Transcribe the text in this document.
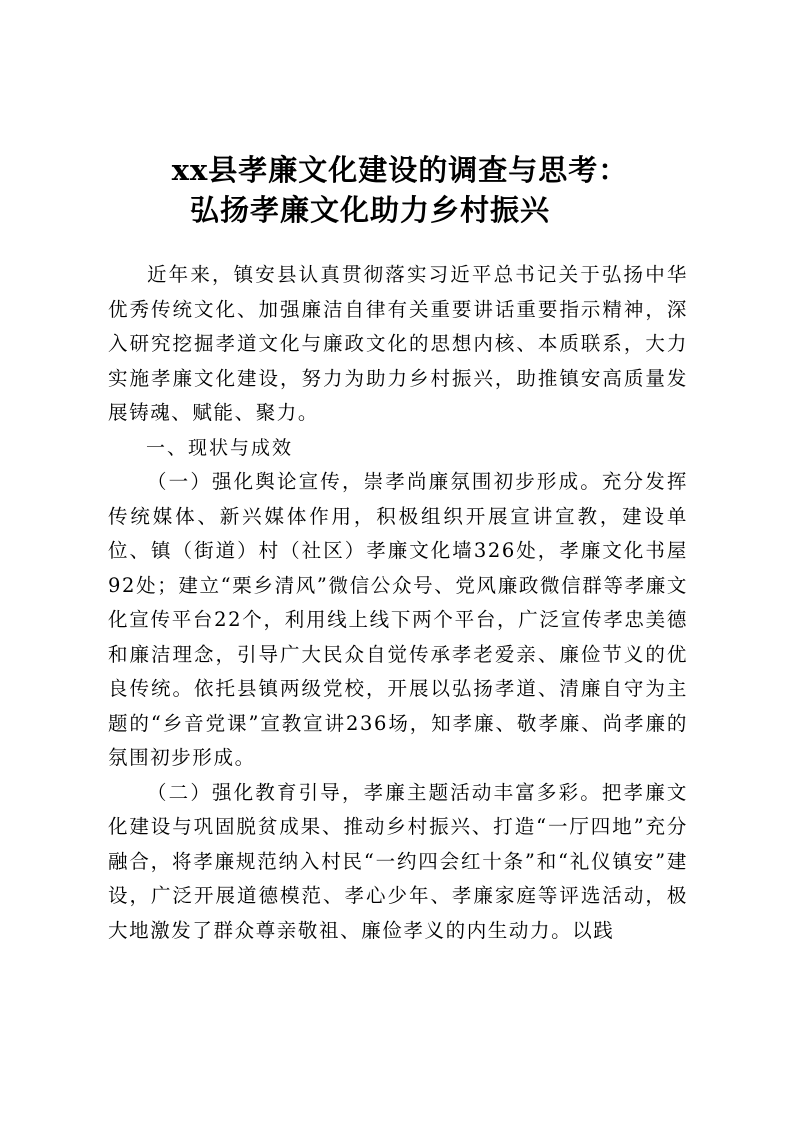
xx县孝廉文化建设的调查与思考：
弘扬孝廉文化助力乡村振兴

近年来，镇安县认真贯彻落实习近平总书记关于弘扬中华优秀传统文化、加强廉洁自律有关重要讲话重要指示精神，深入研究挖掘孝道文化与廉政文化的思想内核、本质联系，大力实施孝廉文化建设，努力为助力乡村振兴，助推镇安高质量发展铸魂、赋能、聚力。

一、现状与成效

（一）强化舆论宣传，崇孝尚廉氛围初步形成。充分发挥传统媒体、新兴媒体作用，积极组织开展宣讲宣教，建设单位、镇（街道）村（社区）孝廉文化墙326处，孝廉文化书屋92处；建立“栗乡清风”微信公众号、党风廉政微信群等孝廉文化宣传平台22个，利用线上线下两个平台，广泛宣传孝忠美德和廉洁理念，引导广大民众自觉传承孝老爱亲、廉俭节义的优良传统。依托县镇两级党校，开展以弘扬孝道、清廉自守为主题的“乡音党课”宣教宣讲236场，知孝廉、敬孝廉、尚孝廉的氛围初步形成。

（二）强化教育引导，孝廉主题活动丰富多彩。把孝廉文化建设与巩固脱贫成果、推动乡村振兴、打造“一厅四地”充分融合，将孝廉规范纳入村民“一约四会红十条”和“礼仪镇安”建设，广泛开展道德模范、孝心少年、孝廉家庭等评选活动，极大地激发了群众尊亲敬祖、廉俭孝义的内生动力。以践
